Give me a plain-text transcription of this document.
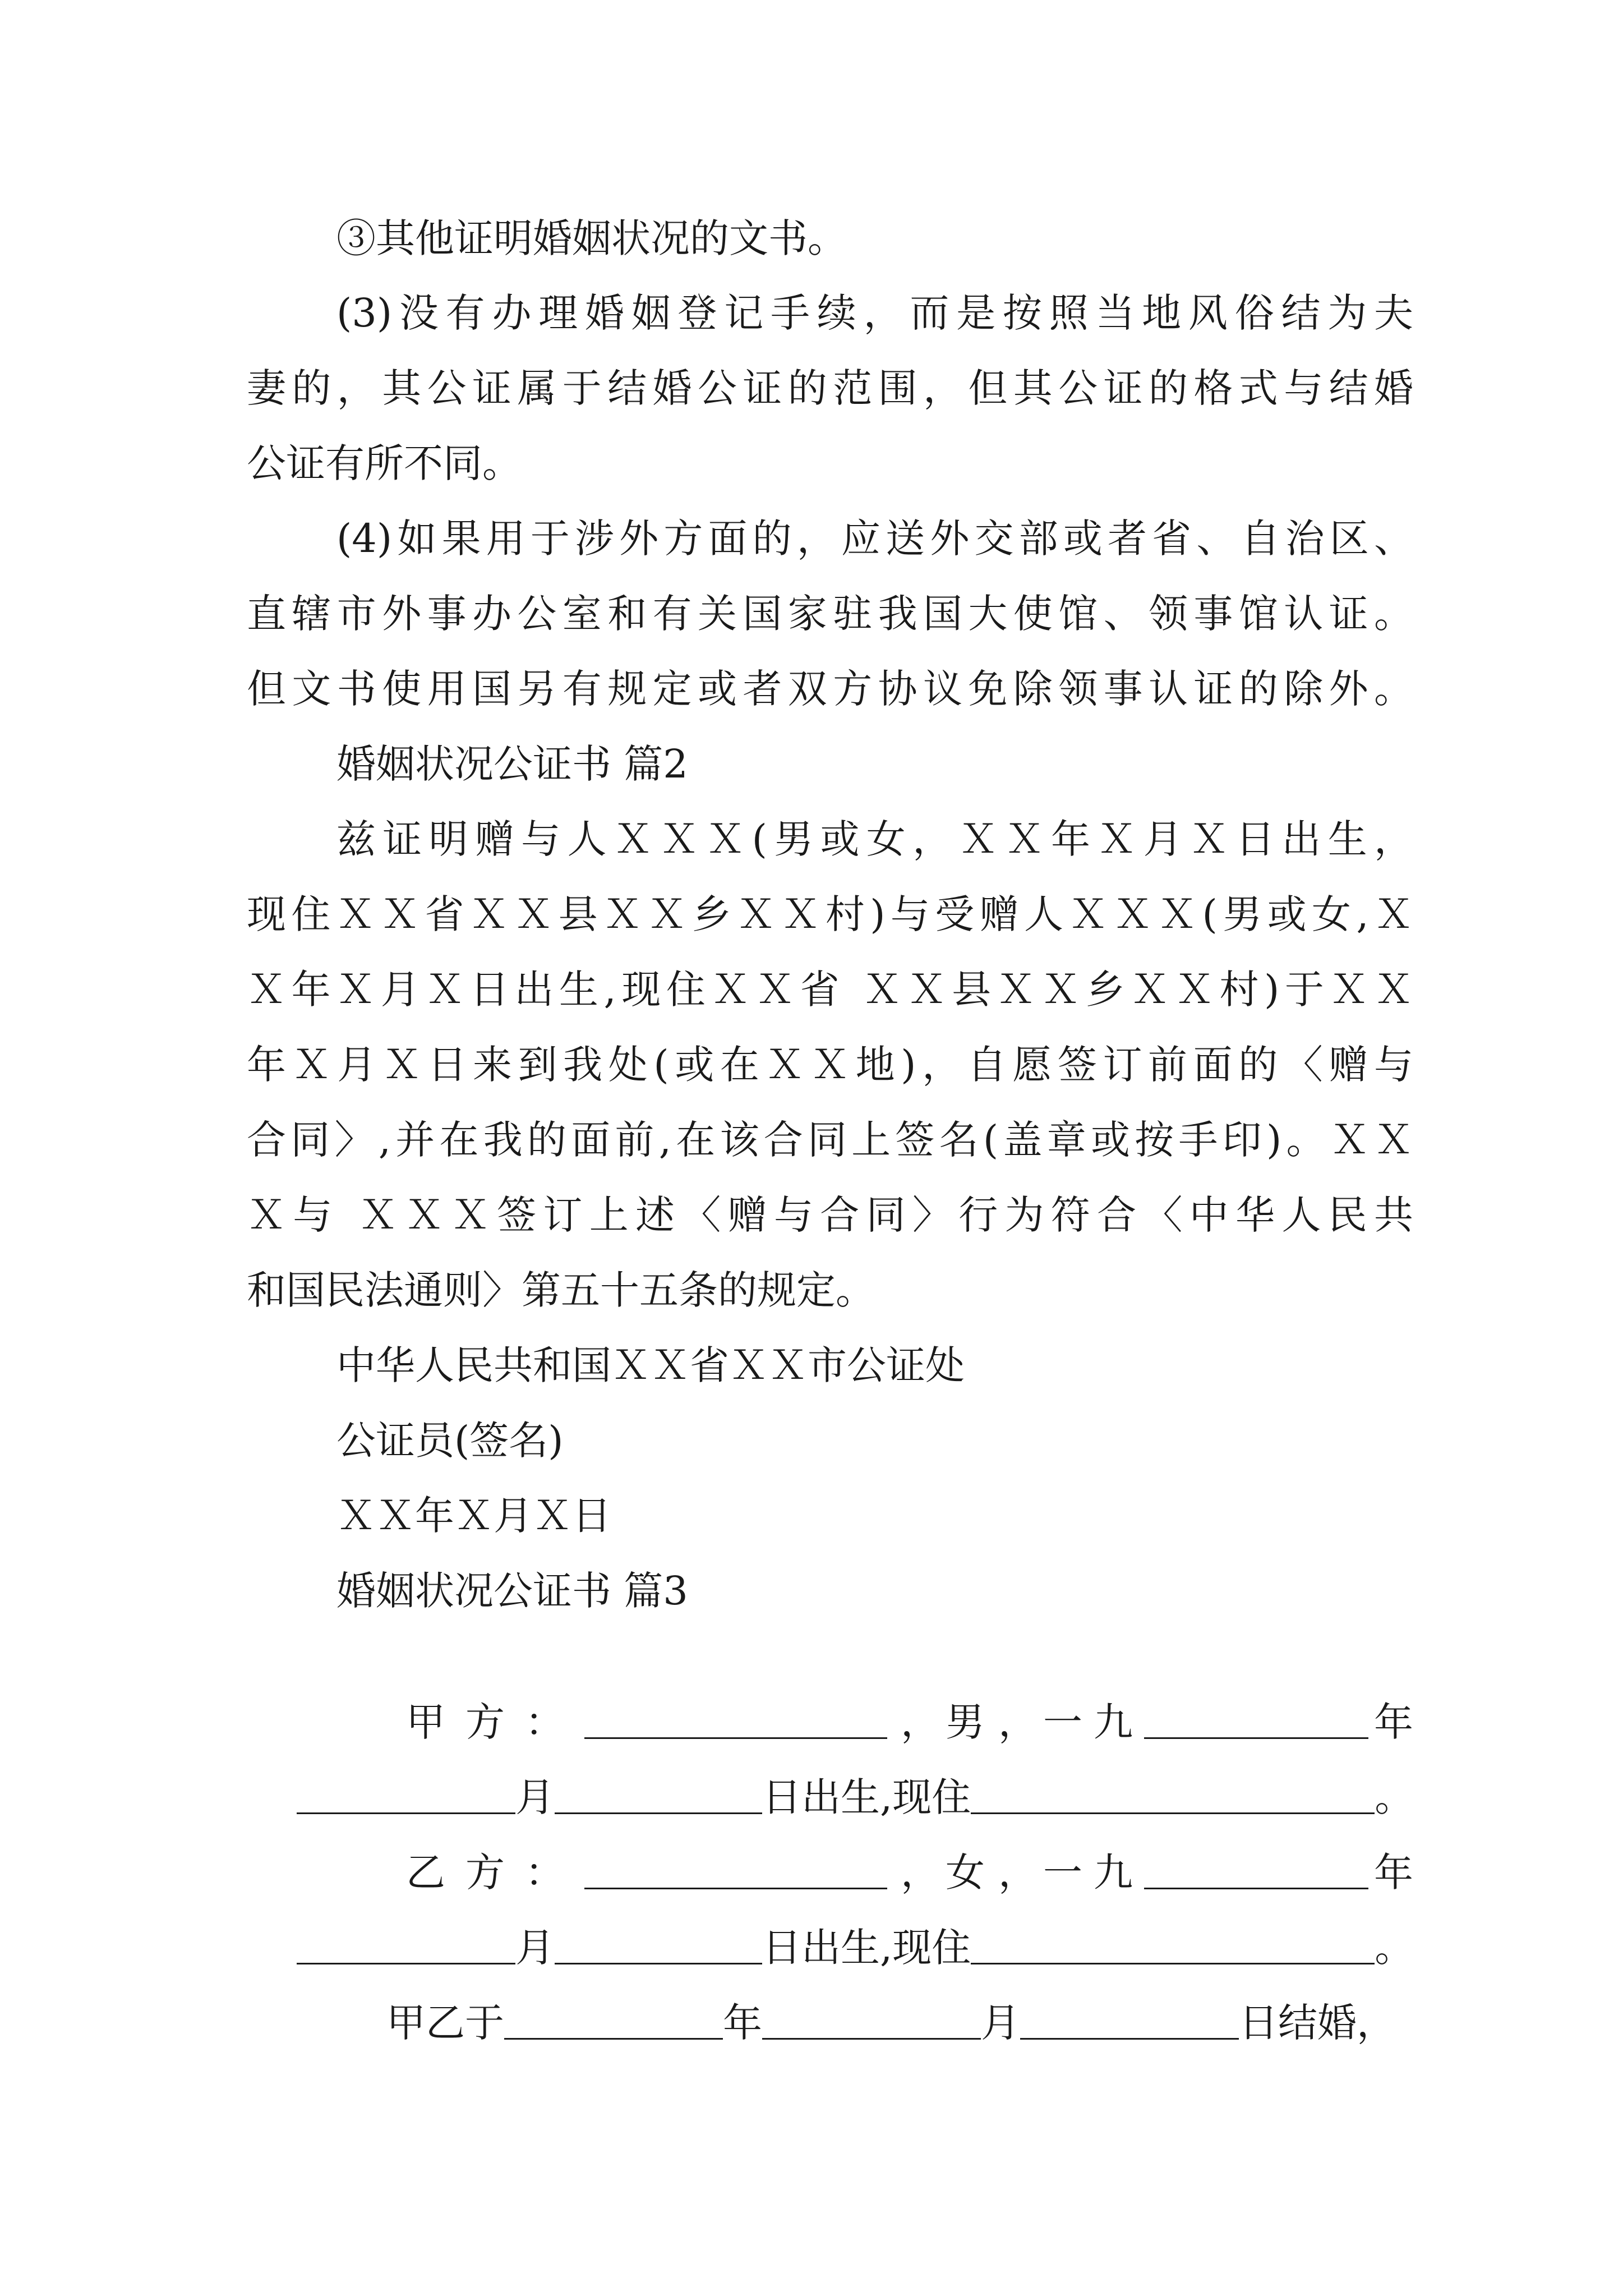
③其他证明婚姻状况的文书。
(3)没有办理婚姻登记手续，而是按照当地风俗结为夫
妻的，其公证属于结婚公证的范围，但其公证的格式与结婚
公证有所不同。
(4)如果用于涉外方面的，应送外交部或者省、自治区、
直辖市外事办公室和有关国家驻我国大使馆、领事馆认证。
但文书使用国另有规定或者双方协议免除领事认证的除外。
婚姻状况公证书 篇2
兹证明赠与人ＸＸＸ(男或女，ＸＸ年Ｘ月Ｘ日出生，
现住ＸＸ省ＸＸ县ＸＸ乡ＸＸ村)与受赠人ＸＸＸ(男或女,Ｘ
Ｘ年Ｘ月Ｘ日出生,现住ＸＸ省 ＸＸ县ＸＸ乡ＸＸ村)于ＸＸ
年Ｘ月Ｘ日来到我处(或在ＸＸ地)，自愿签订前面的〈赠与
合同〉,并在我的面前,在该合同上签名(盖章或按手印)。ＸＸ
Ｘ与 ＸＸＸ签订上述〈赠与合同〉行为符合〈中华人民共
和国民法通则〉第五十五条的规定。
中华人民共和国ＸＸ省ＸＸ市公证处
公证员(签名)
ＸＸ年Ｘ月Ｘ日
婚姻状况公证书 篇3

甲方：	， 男 ， 一九	年

月	日出生,现住	。

乙方：	， 女 ， 一九	年

月	日出生,现住	。

甲乙于	年	月	日结婚，
